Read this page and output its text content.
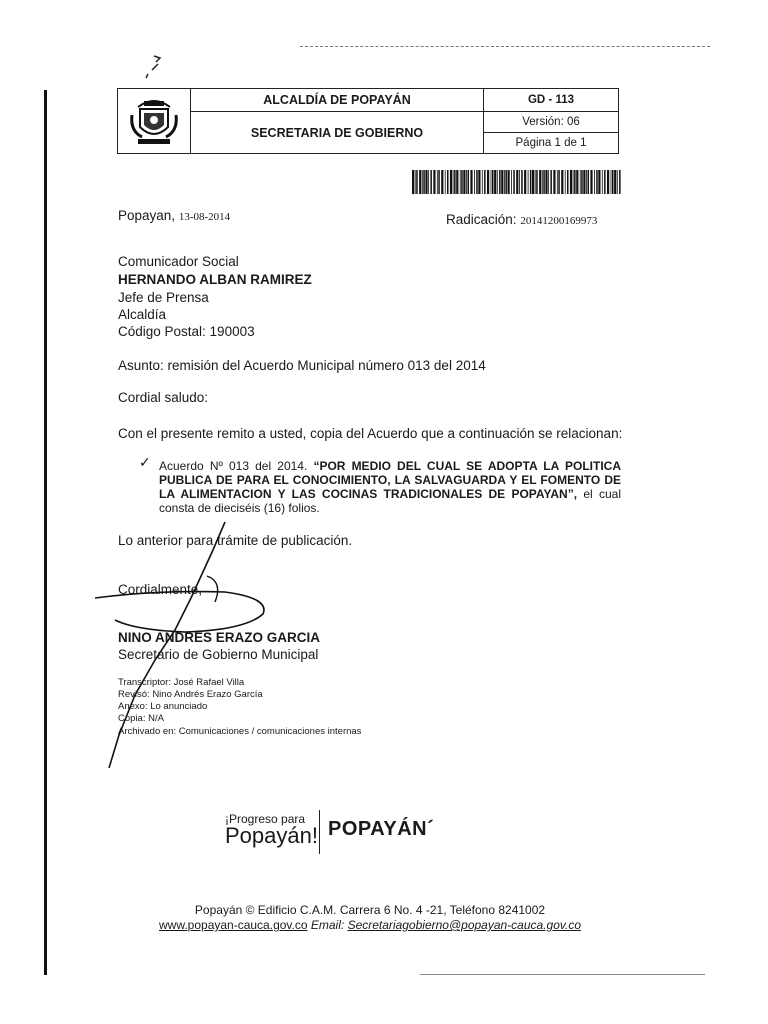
	ALCALDÍA DE POPAYÁN	GD - 113
	SECRETARIA DE GOBIERNO	Versión: 06
		Página 1 de 1
Popayan, 13-08-2014	Radicación: 20141200169973
Comunicador Social
HERNANDO ALBAN RAMIREZ
Jefe de Prensa
Alcaldía
Código Postal: 190003
Asunto: remisión del Acuerdo Municipal número 013 del 2014
Cordial saludo:
Con el presente remito a usted, copia del Acuerdo que a continuación se relacionan:
✓ Acuerdo Nº 013 del 2014. “POR MEDIO DEL CUAL SE ADOPTA LA POLITICA PUBLICA DE PARA EL CONOCIMIENTO, LA SALVAGUARDA Y EL FOMENTO DE LA ALIMENTACION Y LAS COCINAS TRADICIONALES DE POPAYAN”, el cual consta de dieciséis (16) folios.
Lo anterior para trámite de publicación.
Cordialmente,
NINO ANDRES ERAZO GARCIA
Secretario de Gobierno Municipal
Transcriptor: José Rafael Villa
Revisó: Nino Andrés Erazo García
Anexo: Lo anunciado
Copia: N/A
Archivado en: Comunicaciones / comunicaciones internas
¡Progreso para
Popayán! POPAYÁN´
Popayán © Edificio C.A.M. Carrera 6 No. 4 -21, Teléfono 8241002
www.popayan-cauca.gov.co Email: Secretariagobierno@popayan-cauca.gov.co
